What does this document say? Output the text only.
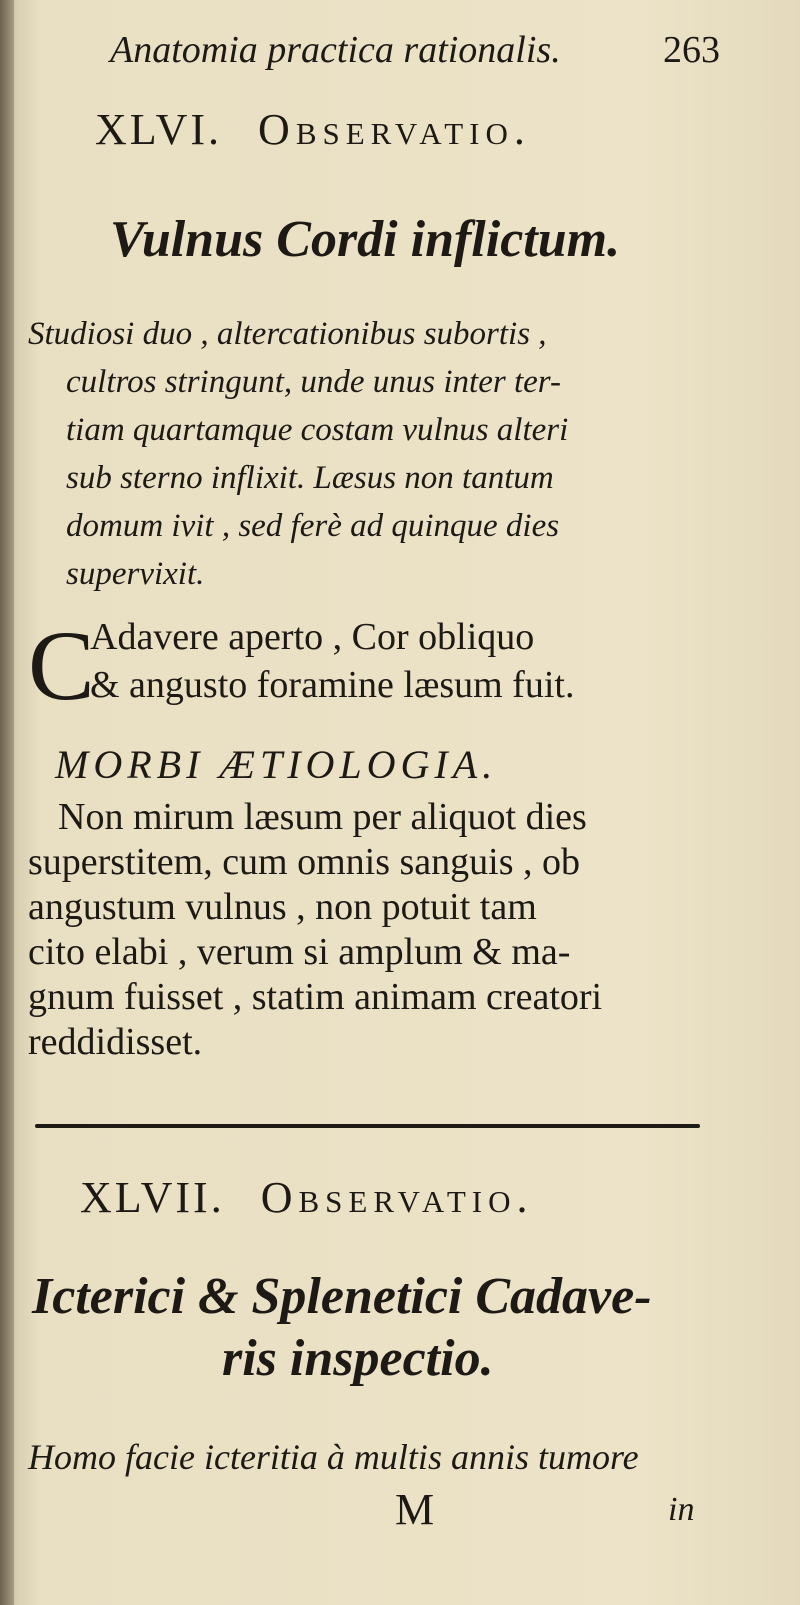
Anatomia practica rationalis.	263
XLVI. Observatio.
Vulnus Cordi inflictum.
Studiosi duo , altercationibus subortis ,
cultros stringunt, unde unus inter ter-
tiam quartamque costam vulnus alteri
sub sterno inflixit. Læsus non tantum
domum ivit , sed ferè ad quinque dies
supervixit.
C
Adavere aperto , Cor obliquo
& angusto foramine læsum fuit.
MORBI ÆTIOLOGIA.
Non mirum læsum per aliquot dies
superstitem, cum omnis sanguis , ob
angustum vulnus , non potuit tam
cito elabi , verum si amplum & ma-
gnum fuisset , statim animam creatori
reddidisset.
XLVII. Observatio.
Icterici & Splenetici Cadave-
ris inspectio.
Homo facie icteritia à multis annis tumore
M	in
